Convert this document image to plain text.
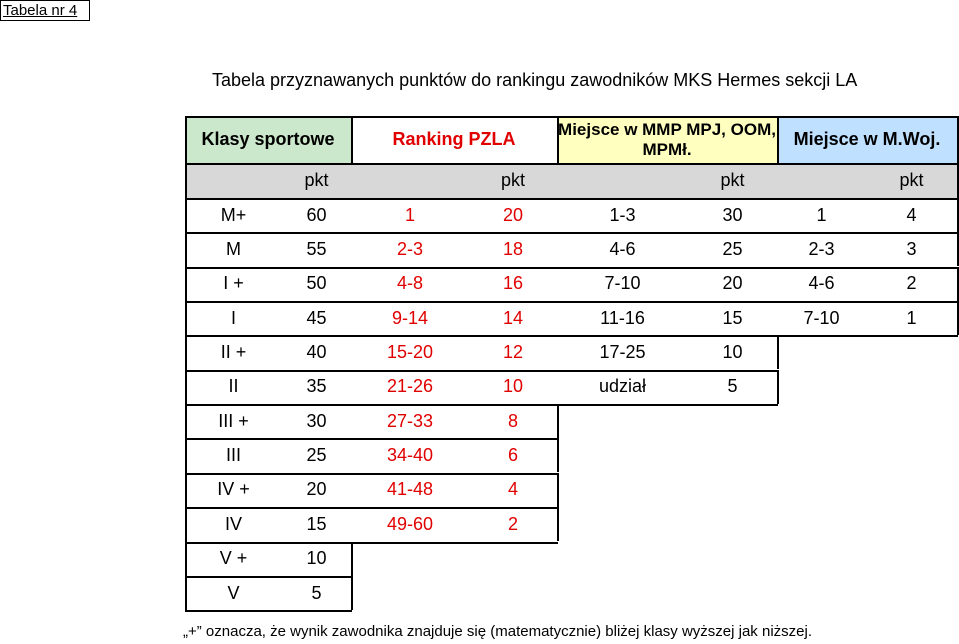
Tabela nr 4
Tabela przyznawanych punktów do rankingu zawodników MKS Hermes sekcji LA
Klasy sportowe	Ranking PZLA	Miejsce w MMP MPJ, OOM, MPMł.	Miejsce w M.Woj.
pkt	pkt	pkt	pkt
M+	60	1	20	1-3	30	1	4
M	55	2-3	18	4-6	25	2-3	3
I +	50	4-8	16	7-10	20	4-6	2
I	45	9-14	14	11-16	15	7-10	1
II +	40	15-20	12	17-25	10
II	35	21-26	10	udział	5
III +	30	27-33	8
III	25	34-40	6
IV +	20	41-48	4
IV	15	49-60	2
V +	10
V	5
„+” oznacza, że wynik zawodnika znajduje się (matematycznie) bliżej klasy wyższej jak niższej.
